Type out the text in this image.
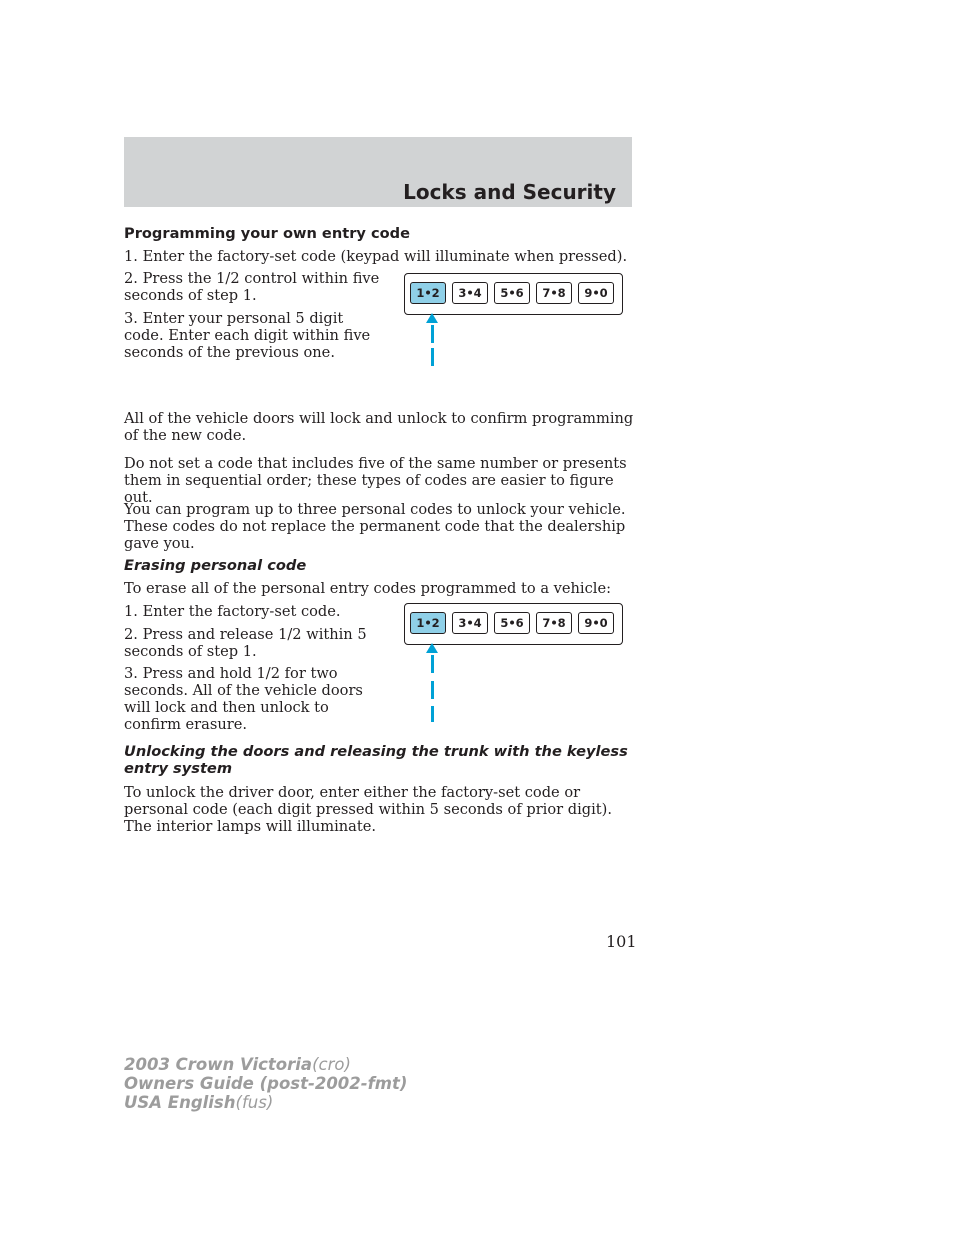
Locks and Security
Programming your own entry code

1. Enter the factory-set code (keypad will illuminate when pressed).

2. Press the 1/2 control within five seconds of step 1.

3. Enter your personal 5 digit code. Enter each digit within five seconds of the previous one.

1•2	3•4	5•6	7•8	9•0

All of the vehicle doors will lock and unlock to confirm programming of the new code.

Do not set a code that includes five of the same number or presents them in sequential order; these types of codes are easier to figure out.

You can program up to three personal codes to unlock your vehicle. These codes do not replace the permanent code that the dealership gave you.

Erasing personal code

To erase all of the personal entry codes programmed to a vehicle:

1. Enter the factory-set code.

2. Press and release 1/2 within 5 seconds of step 1.

3. Press and hold 1/2 for two seconds. All of the vehicle doors will lock and then unlock to confirm erasure.

1•2	3•4	5•6	7•8	9•0
Unlocking the doors and releasing the trunk with the keyless entry system

To unlock the driver door, enter either the factory-set code or personal code (each digit pressed within 5 seconds of prior digit). The interior lamps will illuminate.

101
2003 Crown Victoria(cro)
Owners Guide (post-2002-fmt)
USA English(fus)
